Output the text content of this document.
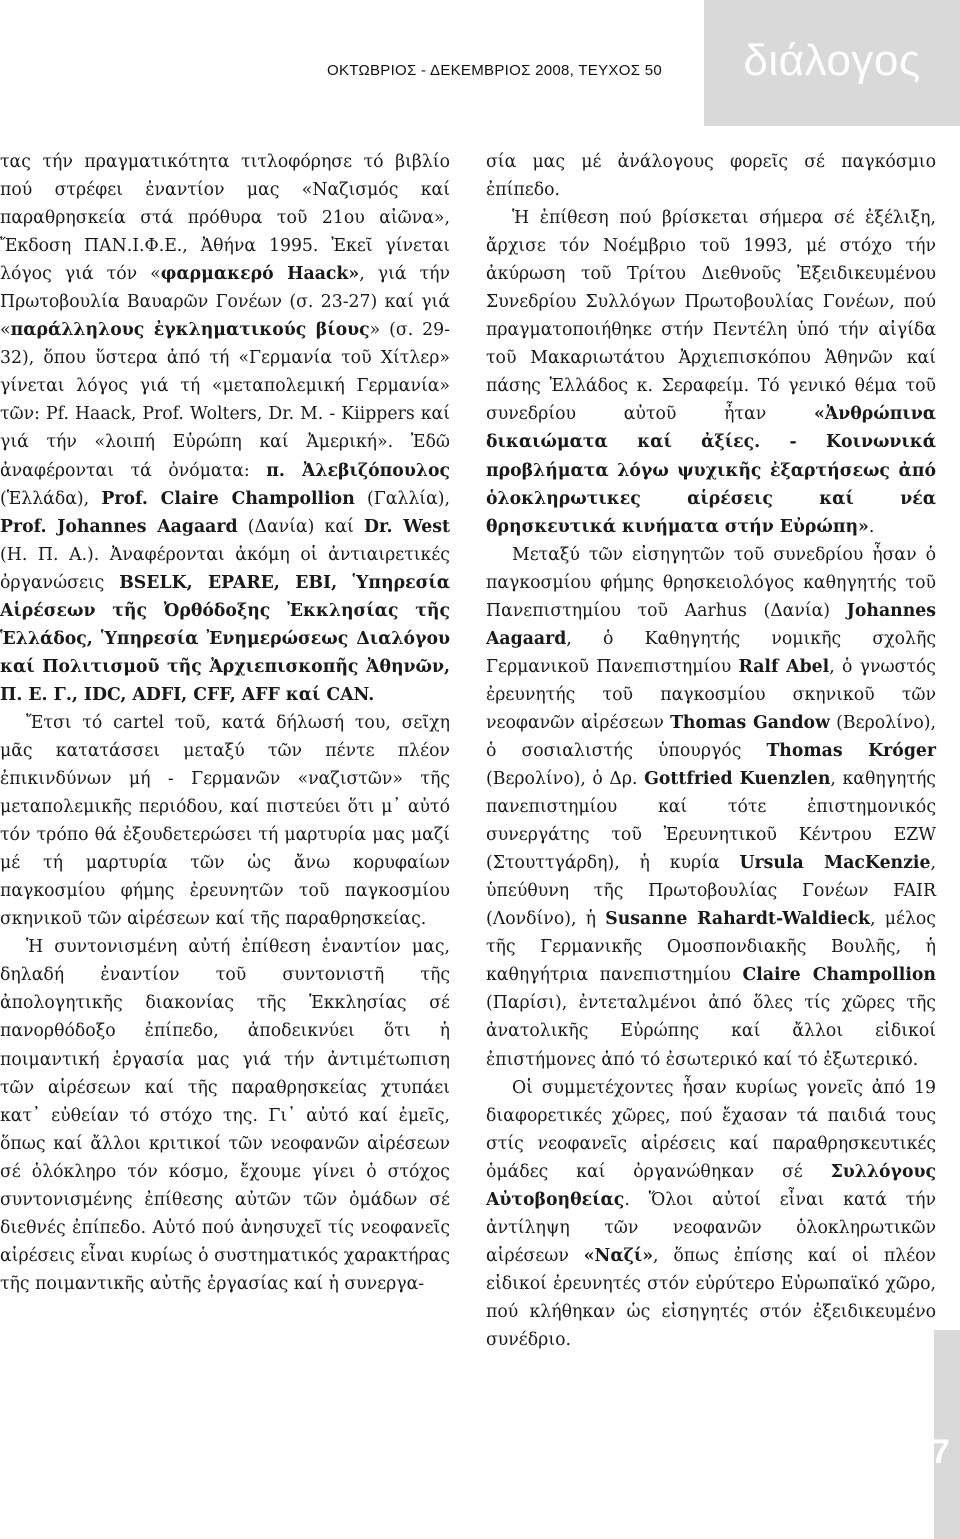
ΟΚΤΩΒΡΙΟΣ - ΔΕΚΕΜΒΡΙΟΣ 2008, ΤΕΥΧΟΣ 50	διάλογος

τας τήν πραγματικότητα τιτλοφόρησε τό βιβλίο πού στρέφει ἐναντίον μας «Ναζισμός καί παραθρησκεία στά πρόθυρα τοῦ 21ου αἰῶνα», Ἔκδοση ΠΑΝ.Ι.Φ.Ε., Ἀθήνα 1995. Ἐκεῖ γίνεται λόγος γιά τόν «φαρμακερό Haack», γιά τήν Πρωτοβουλία Βαυαρῶν Γονέων (σ. 23-27) καί γιά «παράλληλους ἐγκληματικούς βίους» (σ. 29-32), ὅπου ὕστερα ἀπό τή «Γερμανία τοῦ Χίτλερ» γίνεται λόγος γιά τή «μεταπολεμική Γερμανία» τῶν: Pf. Haack, Prof. Wolters, Dr. M. - Kiippers καί γιά τήν «λοιπή Εὐρώπη καί Ἀμερική». Ἐδῶ ἀναφέρονται τά ὀνόματα: π. Ἀλεβιζόπουλος (Ἑλλάδα), Prof. Claire Champollion (Γαλλία), Prof. Johannes Aagaard (Δανία) καί Dr. West (Η. Π. Α.). Ἀναφέρονται ἀκόμη οἱ ἀντιαιρετικές ὀργανώσεις BSELK, EPARE, EBI, Ὑπηρεσία Αἱρέσεων τῆς Ὀρθόδοξης Ἐκκλησίας τῆς Ἑλλάδος, Ὑπηρεσία Ἐνημερώσεως Διαλόγου καί Πολιτισμοῦ τῆς Ἀρχιεπισκοπῆς Ἀθηνῶν, Π. Ε. Γ., IDC, ADFI, CFF, AFF καί CAN.

Ἔτσι τό cartel τοῦ, κατά δήλωσή του, σεῖχη μᾶς κατατάσσει μεταξύ τῶν πέντε πλέον ἐπικινδύνων μή - Γερμανῶν «ναζιστῶν» τῆς μεταπολεμικῆς περιόδου, καί πιστεύει ὅτι μ᾿ αὐτό τόν τρόπο θά ἐξουδετερώσει τή μαρτυρία μας μαζί μέ τή μαρτυρία τῶν ὡς ἄνω κορυφαίων παγκοσμίου φήμης ἐρευνητῶν τοῦ παγκοσμίου σκηνικοῦ τῶν αἱρέσεων καί τῆς παραθρησκείας.

Ἡ συντονισμένη αὐτή ἐπίθεση ἐναντίον μας, δηλαδή ἐναντίον τοῦ συντονιστῆ τῆς ἀπολογητικῆς διακονίας τῆς Ἐκκλησίας σέ πανορθόδοξο ἐπίπεδο, ἀποδεικνύει ὅτι ἡ ποιμαντική ἐργασία μας γιά τήν ἀντιμέτωπιση τῶν αἱρέσεων καί τῆς παραθρησκείας χτυπάει κατ᾿ εὐθείαν τό στόχο της. Γι᾿ αὐτό καί ἐμεῖς, ὅπως καί ἄλλοι κριτικοί τῶν νεοφανῶν αἱρέσεων σέ ὁλόκληρο τόν κόσμο, ἔχουμε γίνει ὁ στόχος συντονισμένης ἐπίθεσης αὐτῶν τῶν ὁμάδων σέ διεθνές ἐπίπεδο. Αὐτό πού ἀνησυχεῖ τίς νεοφανεῖς αἱρέσεις εἶναι κυρίως ὁ συστηματικός χαρακτήρας τῆς ποιμαντικῆς αὐτῆς ἐργασίας καί ἡ συνεργα-

σία μας μέ ἀνάλογους φορεῖς σέ παγκόσμιο ἐπίπεδο.

Ἡ ἐπίθεση πού βρίσκεται σήμερα σέ ἐξέλιξη, ἄρχισε τόν Νοέμβριο τοῦ 1993, μέ στόχο τήν ἀκύρωση τοῦ Τρίτου Διεθνοῦς Ἐξειδικευμένου Συνεδρίου Συλλόγων Πρωτοβουλίας Γονέων, πού πραγματοποιήθηκε στήν Πεντέλη ὑπό τήν αἰγίδα τοῦ Μακαριωτάτου Ἀρχιεπισκόπου Ἀθηνῶν καί πάσης Ἑλλάδος κ. Σεραφείμ. Τό γενικό θέμα τοῦ συνεδρίου αὐτοῦ ἦταν «Ἀνθρώπινα δικαιώματα καί ἀξίες. - Κοινωνικά προβλήματα λόγω ψυχικῆς ἐξαρτήσεως ἀπό ὁλοκληρωτικες αἱρέσεις καί νέα θρησκευτικά κινήματα στήν Εὐρώπη».

Μεταξύ τῶν εἰσηγητῶν τοῦ συνεδρίου ἦσαν ὁ παγκοσμίου φήμης θρησκειολόγος καθηγητής τοῦ Πανεπιστημίου τοῦ Aarhus (Δανία) Johannes Aagaard, ὁ Καθηγητής νομικῆς σχολῆς Γερμανικοῦ Πανεπιστημίου Ralf Abel, ὁ γνωστός ἐρευνητής τοῦ παγκοσμίου σκηνικοῦ τῶν νεοφανῶν αἱρέσεων Thomas Gandow (Βερολίνο), ὁ σοσιαλιστής ὑπουργός Thomas Króger (Βερολίνο), ὁ Δρ. Gottfried Kuenzlen, καθηγητής πανεπιστημίου καί τότε ἐπιστημονικός συνεργάτης τοῦ Ἐρευνητικοῦ Κέντρου EZW (Στουττγάρδη), ἡ κυρία Ursula MacKenzie, ὑπεύθυνη τῆς Πρωτοβουλίας Γονέων FAIR (Λονδίνο), ἡ Susanne Rahardt-Waldieck, μέλος τῆς Γερμανικῆς Ομοσπονδιακῆς Βουλῆς, ἡ καθηγήτρια πανεπιστημίου Claire Champollion (Παρίσι), ἐντεταλμένοι ἀπό ὅλες τίς χῶρες τῆς ἀνατολικῆς Εὐρώπης καί ἄλλοι εἰδικοί ἐπιστήμονες ἀπό τό ἐσωτερικό καί τό ἐξωτερικό.

Οἱ συμμετέχοντες ἦσαν κυρίως γονεῖς ἀπό 19 διαφορετικές χῶρες, πού ἔχασαν τά παιδιά τους στίς νεοφανεῖς αἱρέσεις καί παραθρησκευτικές ὁμάδες καί ὀργανώθηκαν σέ Συλλόγους Αὐτοβοηθείας. Ὅλοι αὐτοί εἶναι κατά τήν ἀντίληψη τῶν νεοφανῶν ὁλοκληρωτικῶν αἱρέσεων «Ναζί», ὅπως ἐπίσης καί οἱ πλέον εἰδικοί ἐρευνητές στόν εὐρύτερο Εὐρωπαϊκό χῶρο, πού κλήθηκαν ὡς εἰσηγητές στόν ἐξειδικευμένο συνέδριο.

7
